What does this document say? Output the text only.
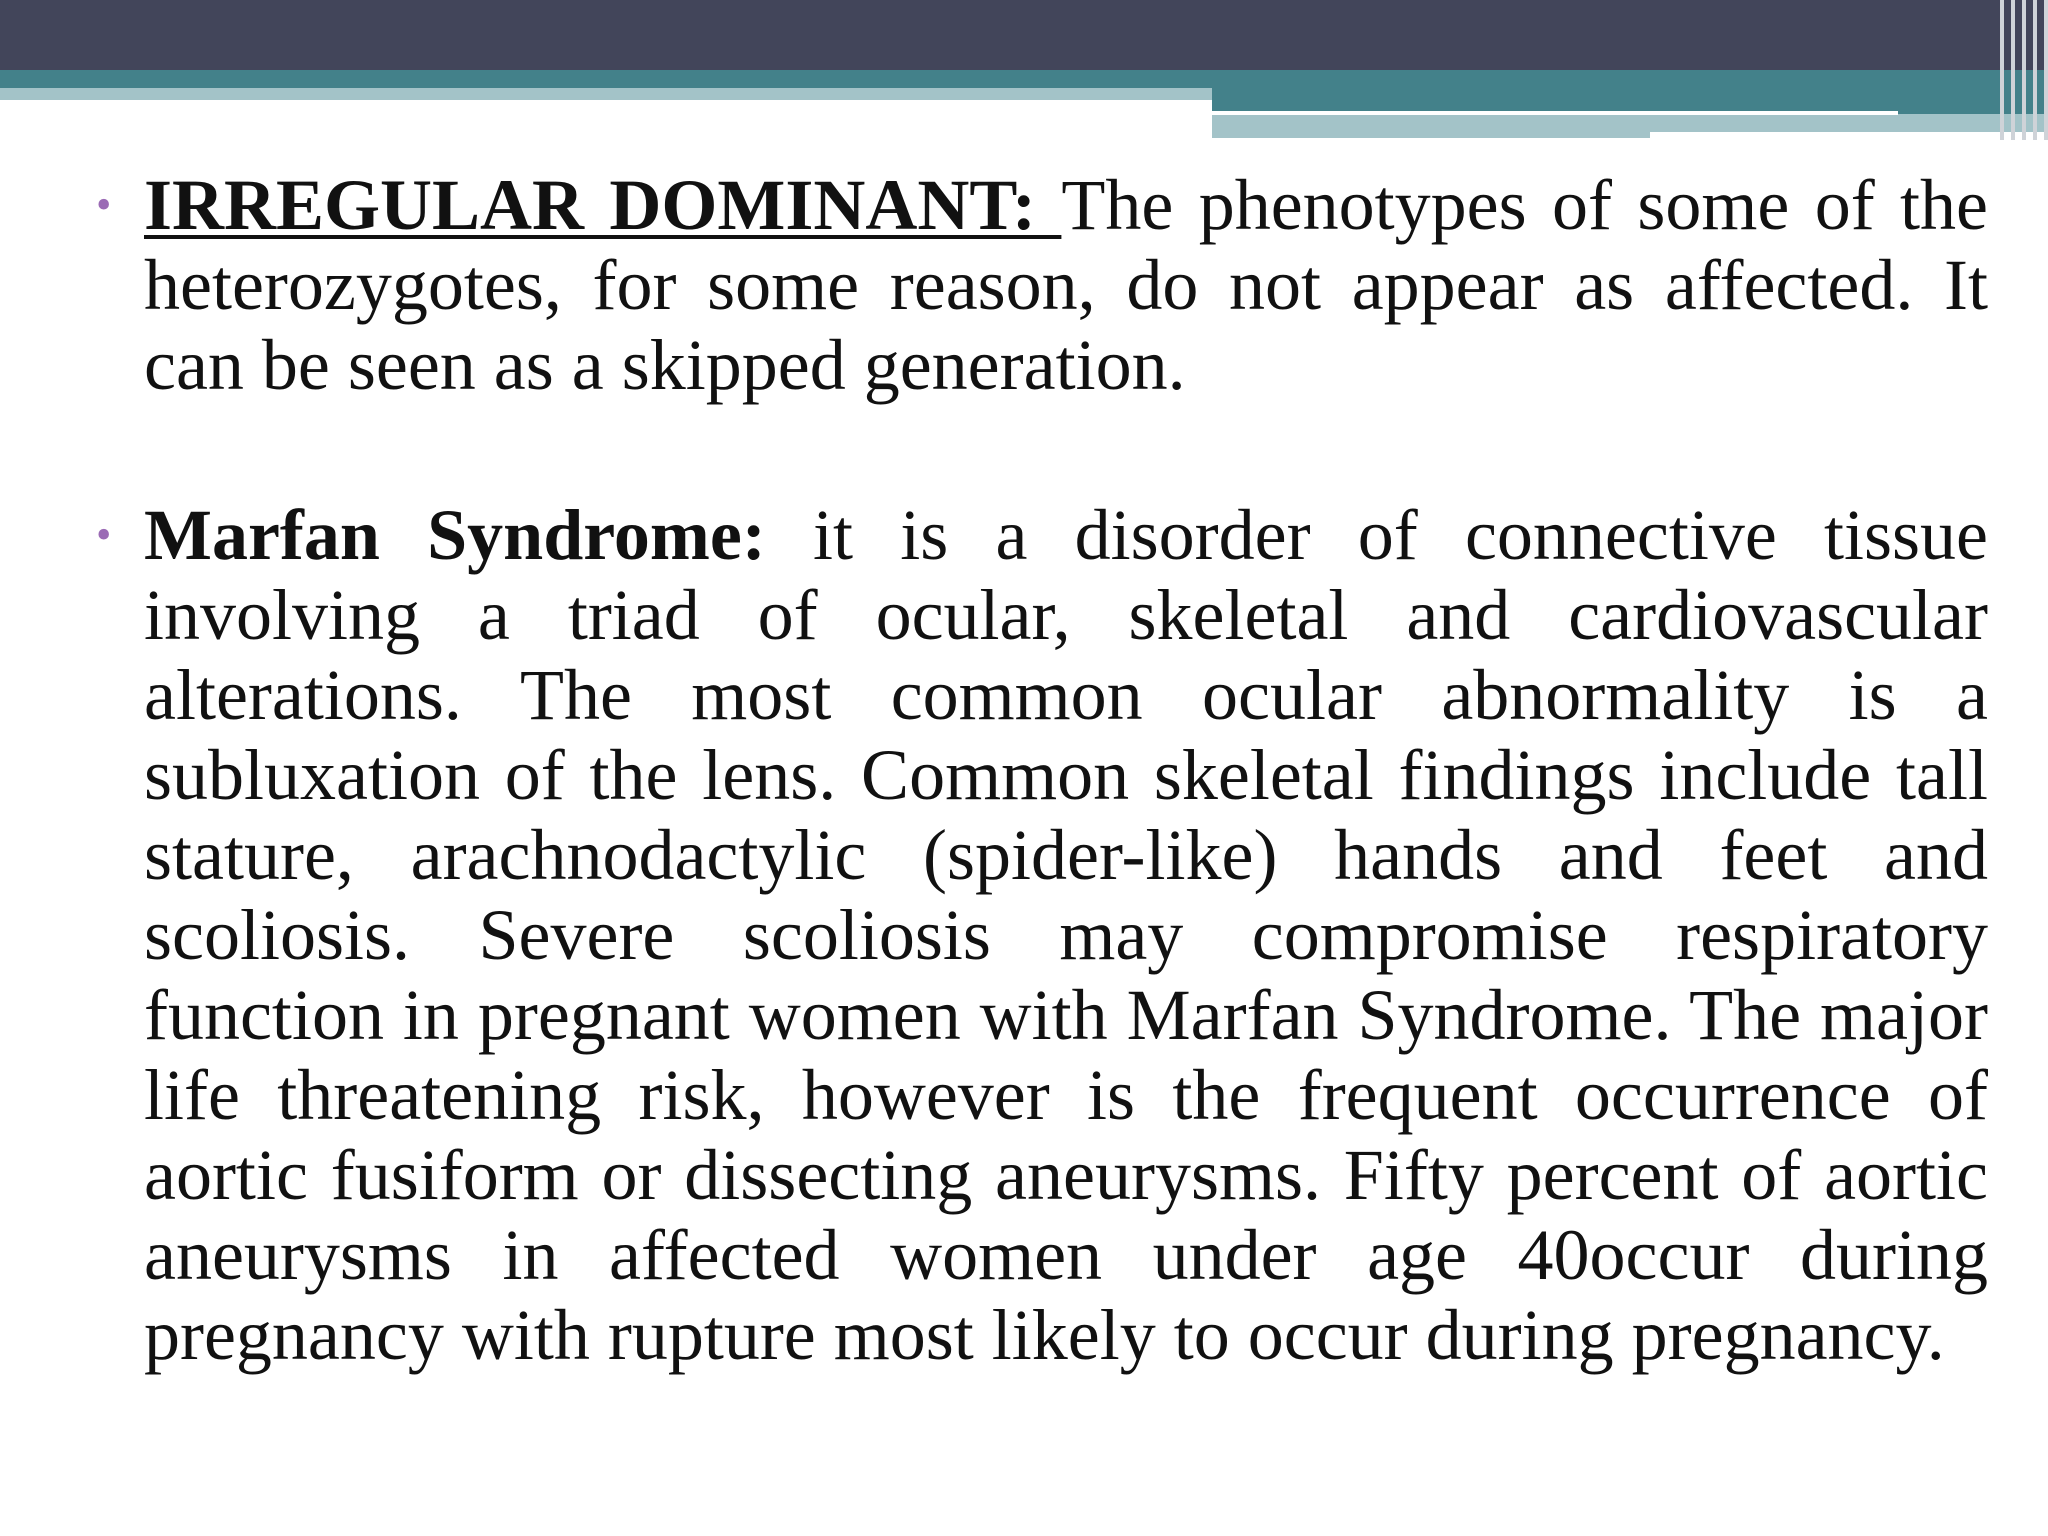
• IRREGULAR DOMINANT: The phenotypes of some of the heterozygotes, for some reason, do not appear as affected. It can be seen as a skipped generation.
• Marfan Syndrome: it is a disorder of connective tissue involving a triad of ocular, skeletal and cardiovascular alterations. The most common ocular abnormality is a subluxation of the lens. Common skeletal findings include tall stature, arachnodactylic (spider-like) hands and feet and scoliosis. Severe scoliosis may compromise respiratory function in pregnant women with Marfan Syndrome. The major life threatening risk, however is the frequent occurrence of aortic fusiform or dissecting aneurysms. Fifty percent of aortic aneurysms in affected women under age 40occur during pregnancy with rupture most likely to occur during pregnancy.
